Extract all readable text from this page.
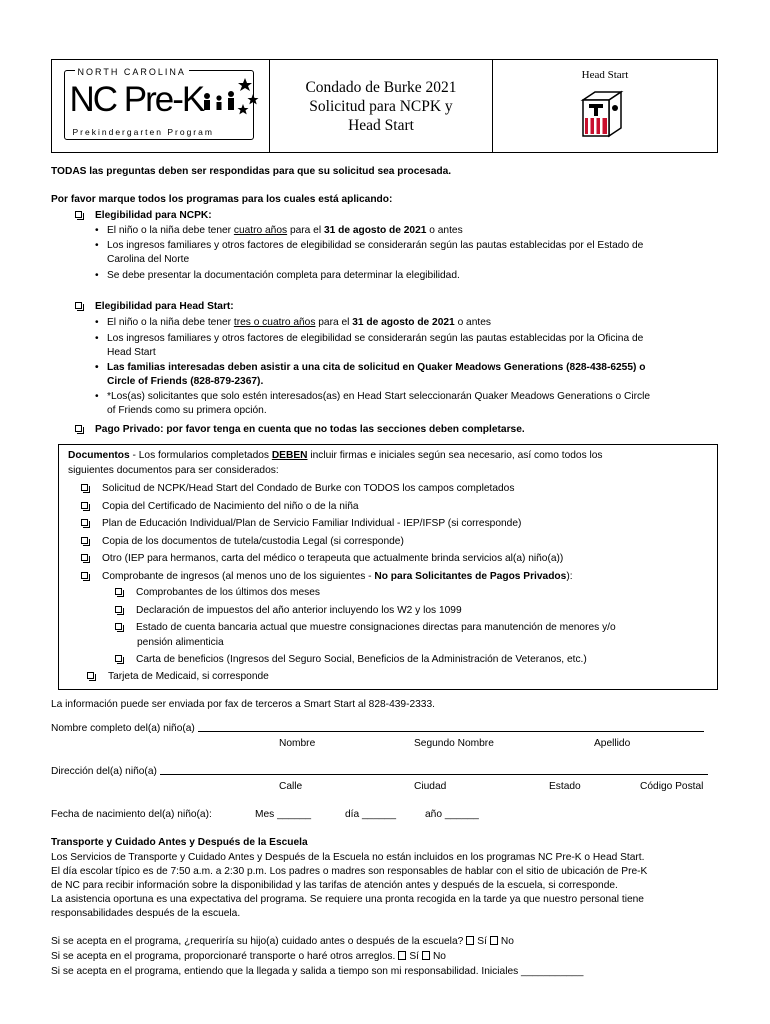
NORTH CAROLINA
NC Pre-K
Prekindergarten Program
Condado de Burke 2021
Solicitud para NCPK y
Head Start
Head Start
TODAS las preguntas deben ser respondidas para que su solicitud sea procesada.
Por favor marque todos los programas para los cuales está aplicando:
Elegibilidad para NCPK:
• El niño o la niña debe tener cuatro años para el 31 de agosto de 2021 o antes
• Los ingresos familiares y otros factores de elegibilidad se considerarán según las pautas establecidas por el Estado de
Carolina del Norte
• Se debe presentar la documentación completa para determinar la elegibilidad.
Elegibilidad para Head Start:
• El niño o la niña debe tener tres o cuatro años para el 31 de agosto de 2021 o antes
• Los ingresos familiares y otros factores de elegibilidad se considerarán según las pautas establecidas por la Oficina de
Head Start
• Las familias interesadas deben asistir a una cita de solicitud en Quaker Meadows Generations (828-438-6255) o
Circle of Friends (828-879-2367).
• *Los(as) solicitantes que solo estén interesados(as) en Head Start seleccionarán Quaker Meadows Generations o Circle
of Friends como su primera opción.
Pago Privado: por favor tenga en cuenta que no todas las secciones deben completarse.
Documentos - Los formularios completados DEBEN incluir firmas e iniciales según sea necesario, así como todos los
siguientes documentos para ser considerados:
Solicitud de NCPK/Head Start del Condado de Burke con TODOS los campos completados
Copia del Certificado de Nacimiento del niño o de la niña
Plan de Educación Individual/Plan de Servicio Familiar Individual - IEP/IFSP (si corresponde)
Copia de los documentos de tutela/custodia Legal (si corresponde)
Otro (IEP para hermanos, carta del médico o terapeuta que actualmente brinda servicios al(a) niño(a))
Comprobante de ingresos (al menos uno de los siguientes - No para Solicitantes de Pagos Privados):
Comprobantes de los últimos dos meses
Declaración de impuestos del año anterior incluyendo los W2 y los 1099
Estado de cuenta bancaria actual que muestre consignaciones directas para manutención de menores y/o
pensión alimenticia
Carta de beneficios (Ingresos del Seguro Social, Beneficios de la Administración de Veteranos, etc.)
Tarjeta de Medicaid, si corresponde
La información puede ser enviada por fax de terceros a Smart Start al 828-439-2333.
Nombre completo del(a) niño(a)
Nombre	Segundo Nombre	Apellido
Dirección del(a) niño(a)
Calle	Ciudad	Estado	Código Postal
Fecha de nacimiento del(a) niño(a):	Mes ______	día ______	año ______
Transporte y Cuidado Antes y Después de la Escuela
Los Servicios de Transporte y Cuidado Antes y Después de la Escuela no están incluidos en los programas NC Pre-K o Head Start.
El día escolar típico es de 7:50 a.m. a 2:30 p.m. Los padres o madres son responsables de hablar con el sitio de ubicación de Pre-K
de NC para recibir información sobre la disponibilidad y las tarifas de atención antes y después de la escuela, si corresponde.
La asistencia oportuna es una expectativa del programa. Se requiere una pronta recogida en la tarde ya que nuestro personal tiene
responsabilidades después de la escuela.
Si se acepta en el programa, ¿requeriría su hijo(a) cuidado antes o después de la escuela? Sí No
Si se acepta en el programa, proporcionaré transporte o haré otros arreglos. Sí No
Si se acepta en el programa, entiendo que la llegada y salida a tiempo son mi responsabilidad. Iniciales ___________
